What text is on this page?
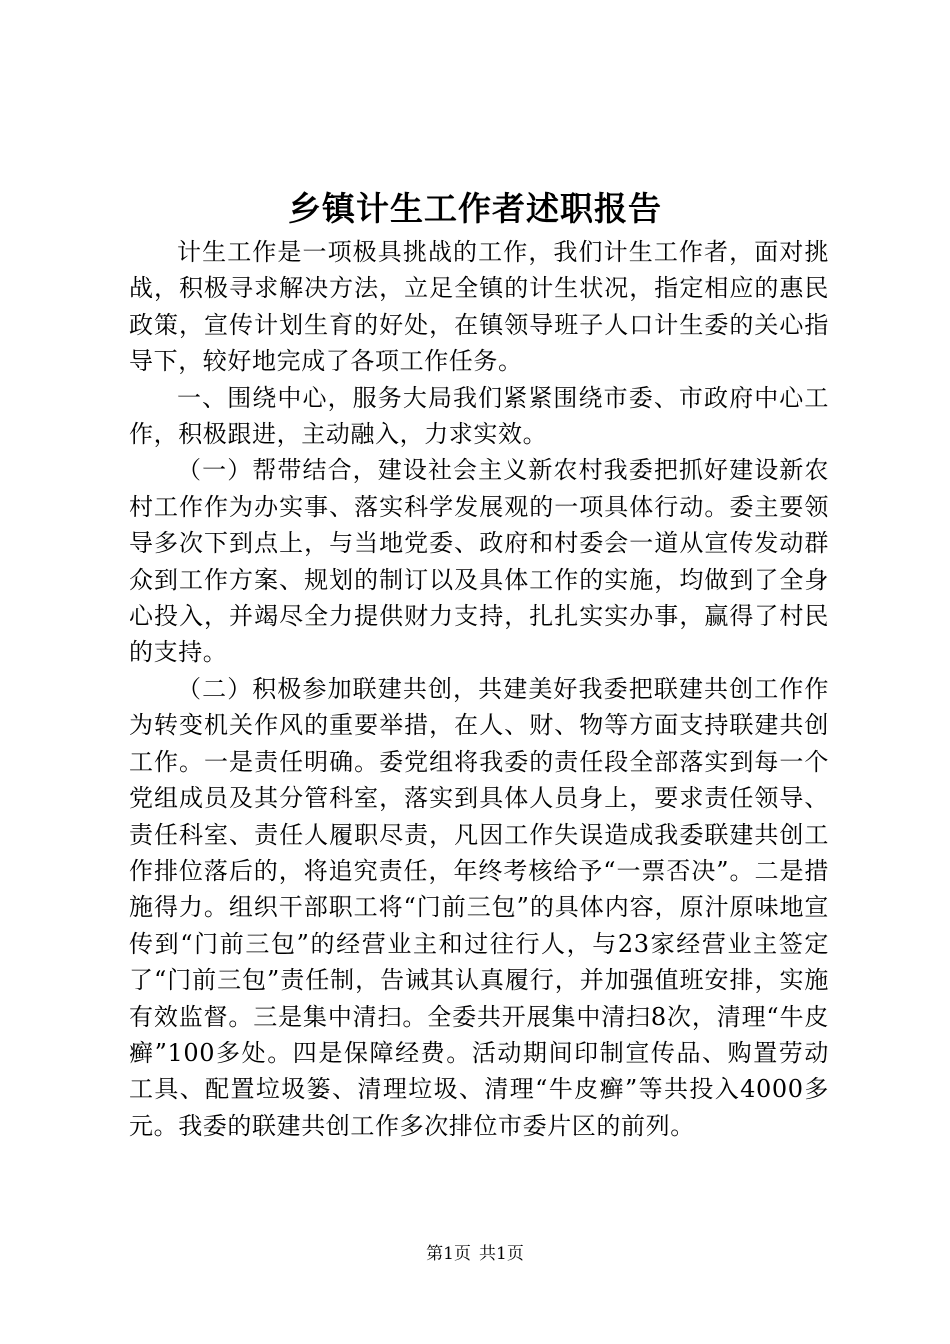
乡镇计生工作者述职报告

计生工作是一项极具挑战的工作，我们计生工作者，面对挑战，积极寻求解决方法，立足全镇的计生状况，指定相应的惠民政策，宣传计划生育的好处，在镇领导班子人口计生委的关心指导下，较好地完成了各项工作任务。

一、围绕中心，服务大局我们紧紧围绕市委、市政府中心工作，积极跟进，主动融入，力求实效。

（一）帮带结合，建设社会主义新农村我委把抓好建设新农村工作作为办实事、落实科学发展观的一项具体行动。委主要领导多次下到点上，与当地党委、政府和村委会一道从宣传发动群众到工作方案、规划的制订以及具体工作的实施，均做到了全身心投入，并竭尽全力提供财力支持，扎扎实实办事，赢得了村民的支持。

（二）积极参加联建共创，共建美好我委把联建共创工作作为转变机关作风的重要举措，在人、财、物等方面支持联建共创工作。一是责任明确。委党组将我委的责任段全部落实到每一个党组成员及其分管科室，落实到具体人员身上，要求责任领导、责任科室、责任人履职尽责，凡因工作失误造成我委联建共创工作排位落后的，将追究责任，年终考核给予“一票否决”。二是措施得力。组织干部职工将“门前三包”的具体内容，原汁原味地宣传到“门前三包”的经营业主和过往行人，与23家经营业主签定了“门前三包”责任制，告诫其认真履行，并加强值班安排，实施有效监督。三是集中清扫。全委共开展集中清扫8次，清理“牛皮癣”100多处。四是保障经费。活动期间印制宣传品、购置劳动工具、配置垃圾篓、清理垃圾、清理“牛皮癣”等共投入4000多元。我委的联建共创工作多次排位市委片区的前列。

第1页 共1页
